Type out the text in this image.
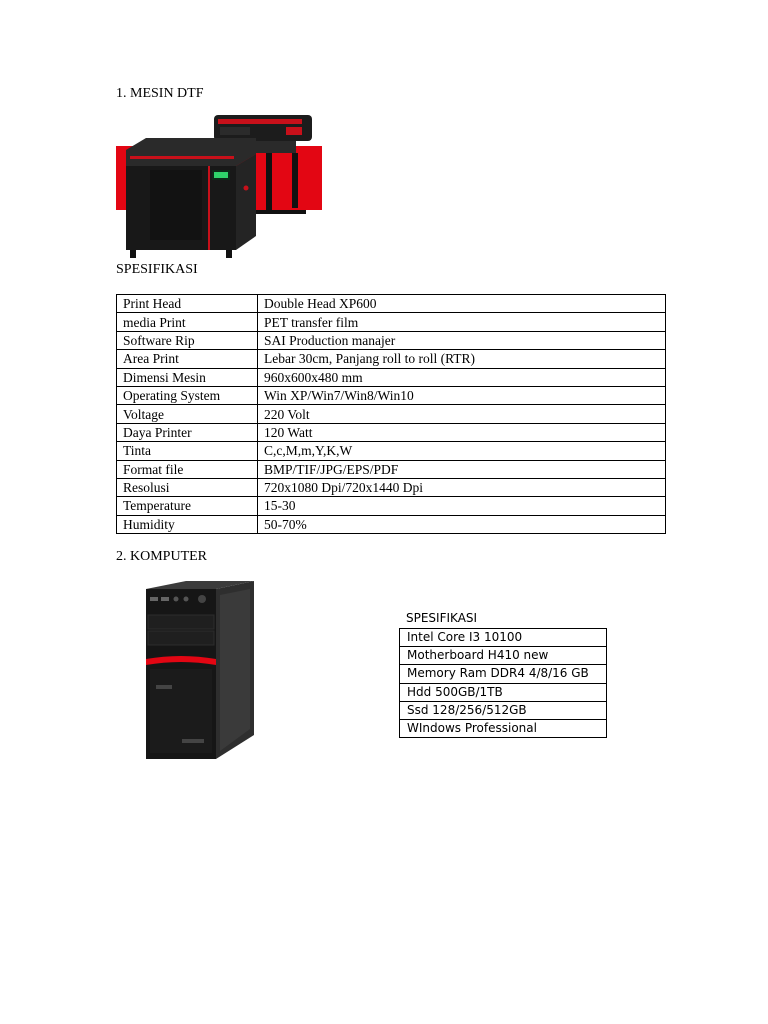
1. MESIN DTF
SPESIFIKASI
Print Head	Double Head XP600
media Print	PET transfer film
Software Rip	SAI Production manajer
Area Print	Lebar 30cm, Panjang roll to roll (RTR)
Dimensi Mesin	960x600x480 mm
Operating System	Win XP/Win7/Win8/Win10
Voltage	220 Volt
Daya Printer	120 Watt
Tinta	C,c,M,m,Y,K,W
Format file	BMP/TIF/JPG/EPS/PDF
Resolusi	720x1080 Dpi/720x1440 Dpi
Temperature	15-30
Humidity	50-70%
2. KOMPUTER
SPESIFIKASI
Intel Core I3 10100
Motherboard H410 new
Memory Ram DDR4 4/8/16 GB
Hdd 500GB/1TB
Ssd 128/256/512GB
WIndows Professional
